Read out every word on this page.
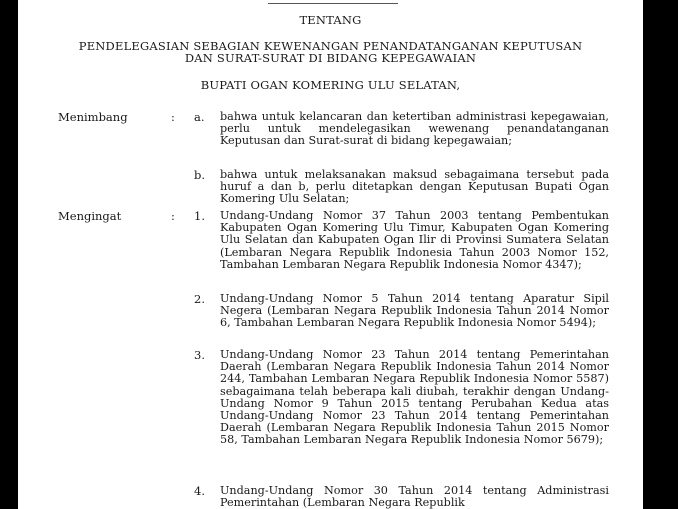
TENTANG
PENDELEGASIAN SEBAGIAN KEWENANGAN PENANDATANGANAN KEPUTUSAN
DAN SURAT-SURAT DI BIDANG KEPEGAWAIAN
BUPATI OGAN KOMERING ULU SELATAN,
Menimbang	: a. bahwa untuk kelancaran dan ketertiban administrasi kepegawaian, perlu untuk mendelegasikan wewenang penandatanganan Keputusan dan Surat-surat di bidang kepegawaian;
b. bahwa untuk melaksanakan maksud sebagaimana tersebut pada huruf a dan b, perlu ditetapkan dengan Keputusan Bupati Ogan Komering Ulu Selatan;
Mengingat	: 1. Undang-Undang Nomor 37 Tahun 2003 tentang Pembentukan Kabupaten Ogan Komering Ulu Timur, Kabupaten Ogan Komering Ulu Selatan dan Kabupaten Ogan Ilir di Provinsi Sumatera Selatan (Lembaran Negara Republik Indonesia Tahun 2003 Nomor 152, Tambahan Lembaran Negara Republik Indonesia Nomor 4347);
2. Undang-Undang Nomor 5 Tahun 2014 tentang Aparatur Sipil Negera (Lembaran Negara Republik Indonesia Tahun 2014 Nomor 6, Tambahan Lembaran Negara Republik Indonesia Nomor 5494);
3. Undang-Undang Nomor 23 Tahun 2014 tentang Pemerintahan Daerah (Lembaran Negara Republik Indonesia Tahun 2014 Nomor 244, Tambahan Lembaran Negara Republik Indonesia Nomor 5587) sebagaimana telah beberapa kali diubah, terakhir dengan Undang-Undang Nomor 9 Tahun 2015 tentang Perubahan Kedua atas Undang-Undang Nomor 23 Tahun 2014 tentang Pemerintahan Daerah (Lembaran Negara Republik Indonesia Tahun 2015 Nomor 58, Tambahan Lembaran Negara Republik Indonesia Nomor 5679);
4. Undang-Undang Nomor 30 Tahun 2014 tentang Administrasi Pemerintahan (Lembaran Negara Republik
